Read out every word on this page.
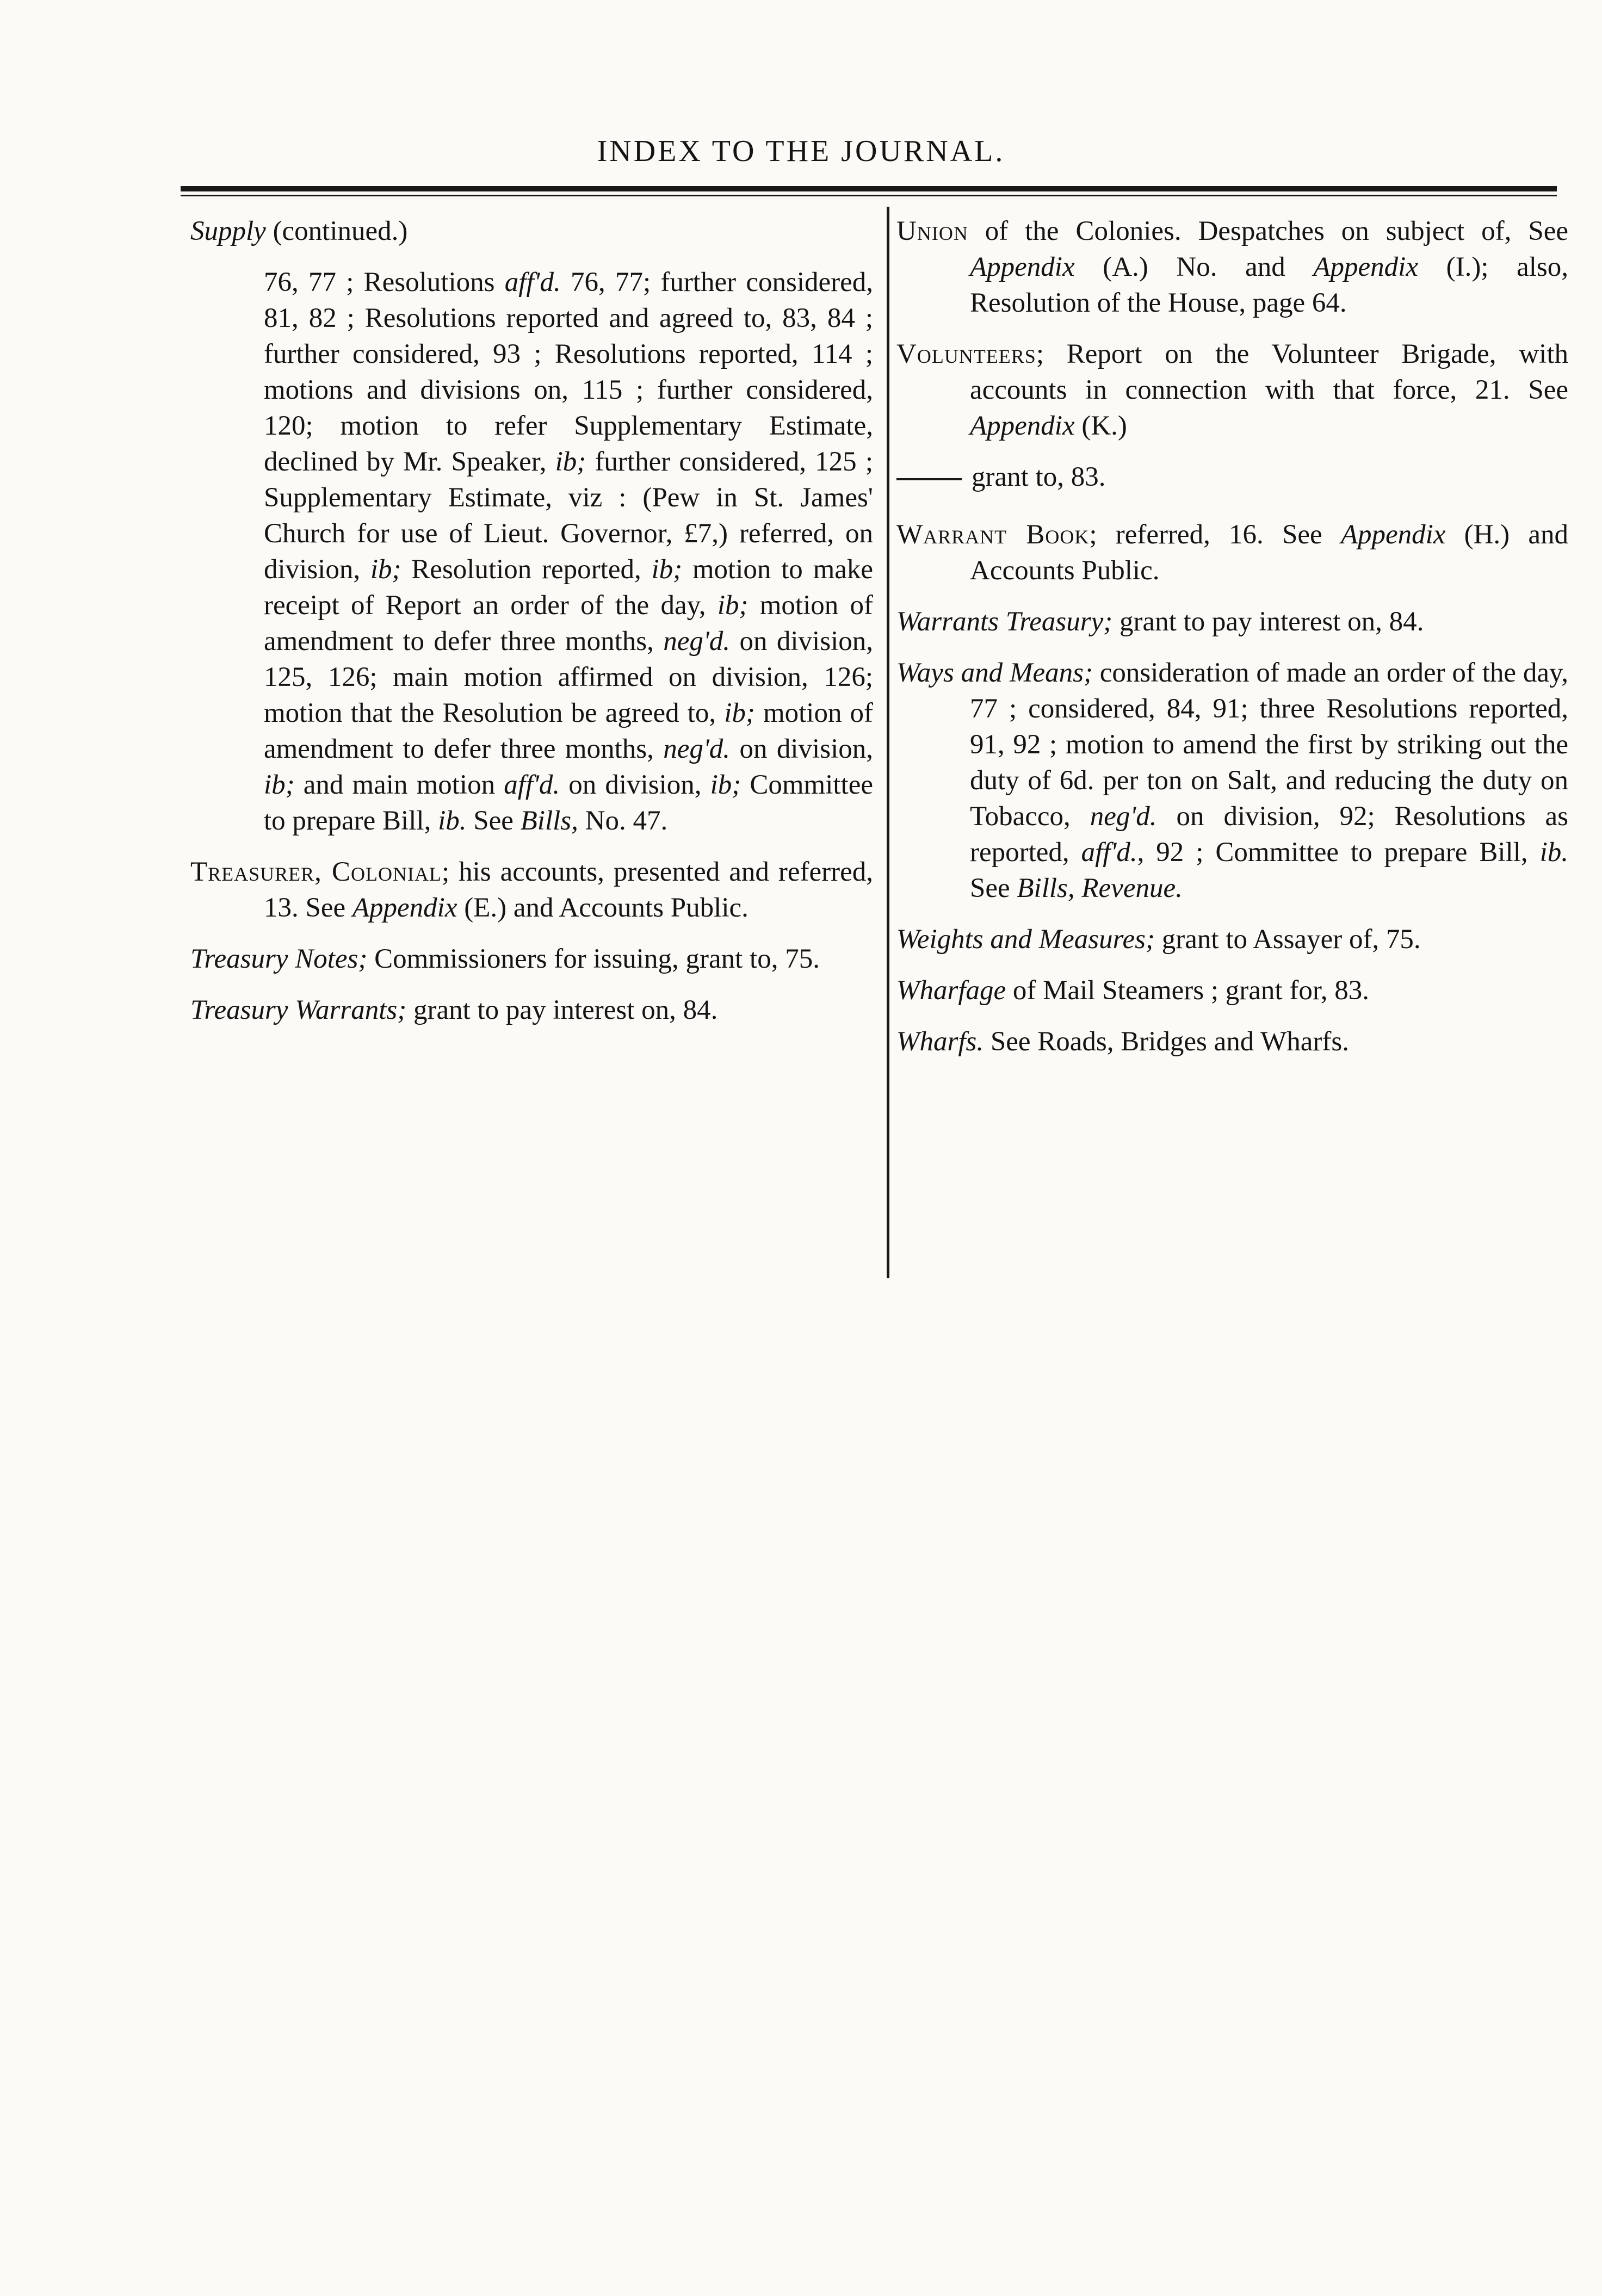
INDEX TO THE JOURNAL.

Supply (continued.)

76, 77 ; Resolutions aff'd. 76, 77; further considered, 81, 82 ; Resolutions reported and agreed to, 83, 84 ; further considered, 93 ; Resolutions reported, 114 ; motions and divisions on, 115 ; further considered, 120; motion to refer Supplementary Estimate, declined by Mr. Speaker, ib; further considered, 125 ; Supplementary Estimate, viz : (Pew in St. James' Church for use of Lieut. Governor, £7,) referred, on division, ib; Resolution reported, ib; motion to make receipt of Report an order of the day, ib; motion of amendment to defer three months, neg'd. on division, 125, 126; main motion affirmed on division, 126; motion that the Resolution be agreed to, ib; motion of amendment to defer three months, neg'd. on division, ib; and main motion aff'd. on division, ib; Committee to prepare Bill, ib. See Bills, No. 47.

Treasurer, Colonial; his accounts, presented and referred, 13. See Appendix (E.) and Accounts Public.

Treasury Notes; Commissioners for issuing, grant to, 75.

Treasury Warrants; grant to pay interest on, 84.

Union of the Colonies. Despatches on subject of, See Appendix (A.) No. and Appendix (I.); also, Resolution of the House, page 64.

Volunteers; Report on the Volunteer Brigade, with accounts in connection with that force, 21. See Appendix (K.)

grant to, 83.

Warrant Book; referred, 16. See Appendix (H.) and Accounts Public.

Warrants Treasury; grant to pay interest on, 84.

Ways and Means; consideration of made an order of the day, 77 ; considered, 84, 91; three Resolutions reported, 91, 92 ; motion to amend the first by striking out the duty of 6d. per ton on Salt, and reducing the duty on Tobacco, neg'd. on division, 92; Resolutions as reported, aff'd., 92 ; Committee to prepare Bill, ib. See Bills, Revenue.

Weights and Measures; grant to Assayer of, 75.

Wharfage of Mail Steamers ; grant for, 83.

Wharfs. See Roads, Bridges and Wharfs.
